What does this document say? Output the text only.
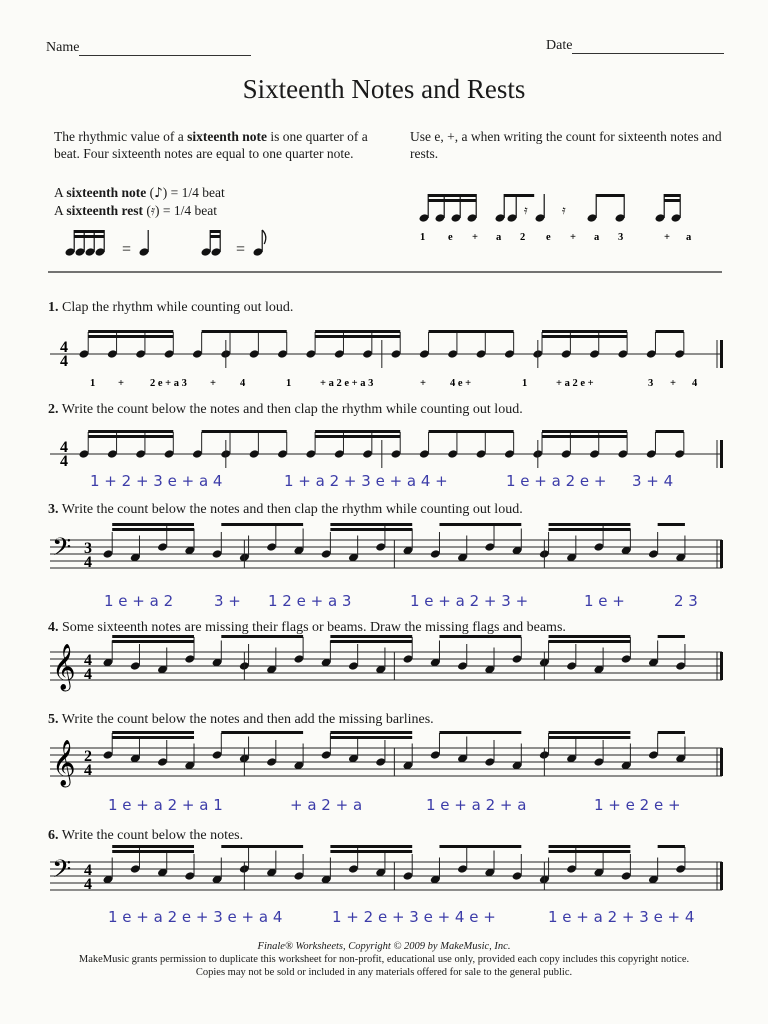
Name	Date
Sixteenth Notes and Rests
The rhythmic value of a sixteenth note is one quarter of a beat. Four sixteenth notes are equal to one quarter note.
A sixteenth note (♪) = 1/4 beat
A sixteenth rest (𝄿) = 1/4 beat
Use e, +, a when writing the count for sixteenth notes and rests.
=	=
𝄿	𝄿
1 e + a 2 e + a 3	+ a
4
4
4
4
𝄢 3
4
𝄞 4
4
𝄞 2
4
𝄢 4
4
1 + 2 e + a 3 + 4	1	+ a 2 e + a 3	+ 4 e +	1	+ a 2 e +	3 + 4
1 + 2 + 3 e + a 4	1 + a 2 + 3 e + a 4 +	1 e + a 2 e + 3 + 4
1 e + a 2	3 + 1 2 e + a 3	1 e + a 2 + 3 +	1 e +	2 3
1 e + a 2 + a 1	+ a 2 + a	1 e + a 2 + a	1 + e 2 e +
1 e + a 2 e + 3 e + a 4	1 + 2 e + 3 e + 4 e +	1 e + a 2 + 3 e + 4
1. Clap the rhythm while counting out loud.
2. Write the count below the notes and then clap the rhythm while counting out loud.
3. Write the count below the notes and then clap the rhythm while counting out loud.
4. Some sixteenth notes are missing their flags or beams. Draw the missing flags and beams.
5. Write the count below the notes and then add the missing barlines.
6. Write the count below the notes.
Finale® Worksheets, Copyright © 2009 by MakeMusic, Inc.
MakeMusic grants permission to duplicate this worksheet for non-profit, educational use only, provided each copy includes this copyright notice.
Copies may not be sold or included in any materials offered for sale to the general public.
